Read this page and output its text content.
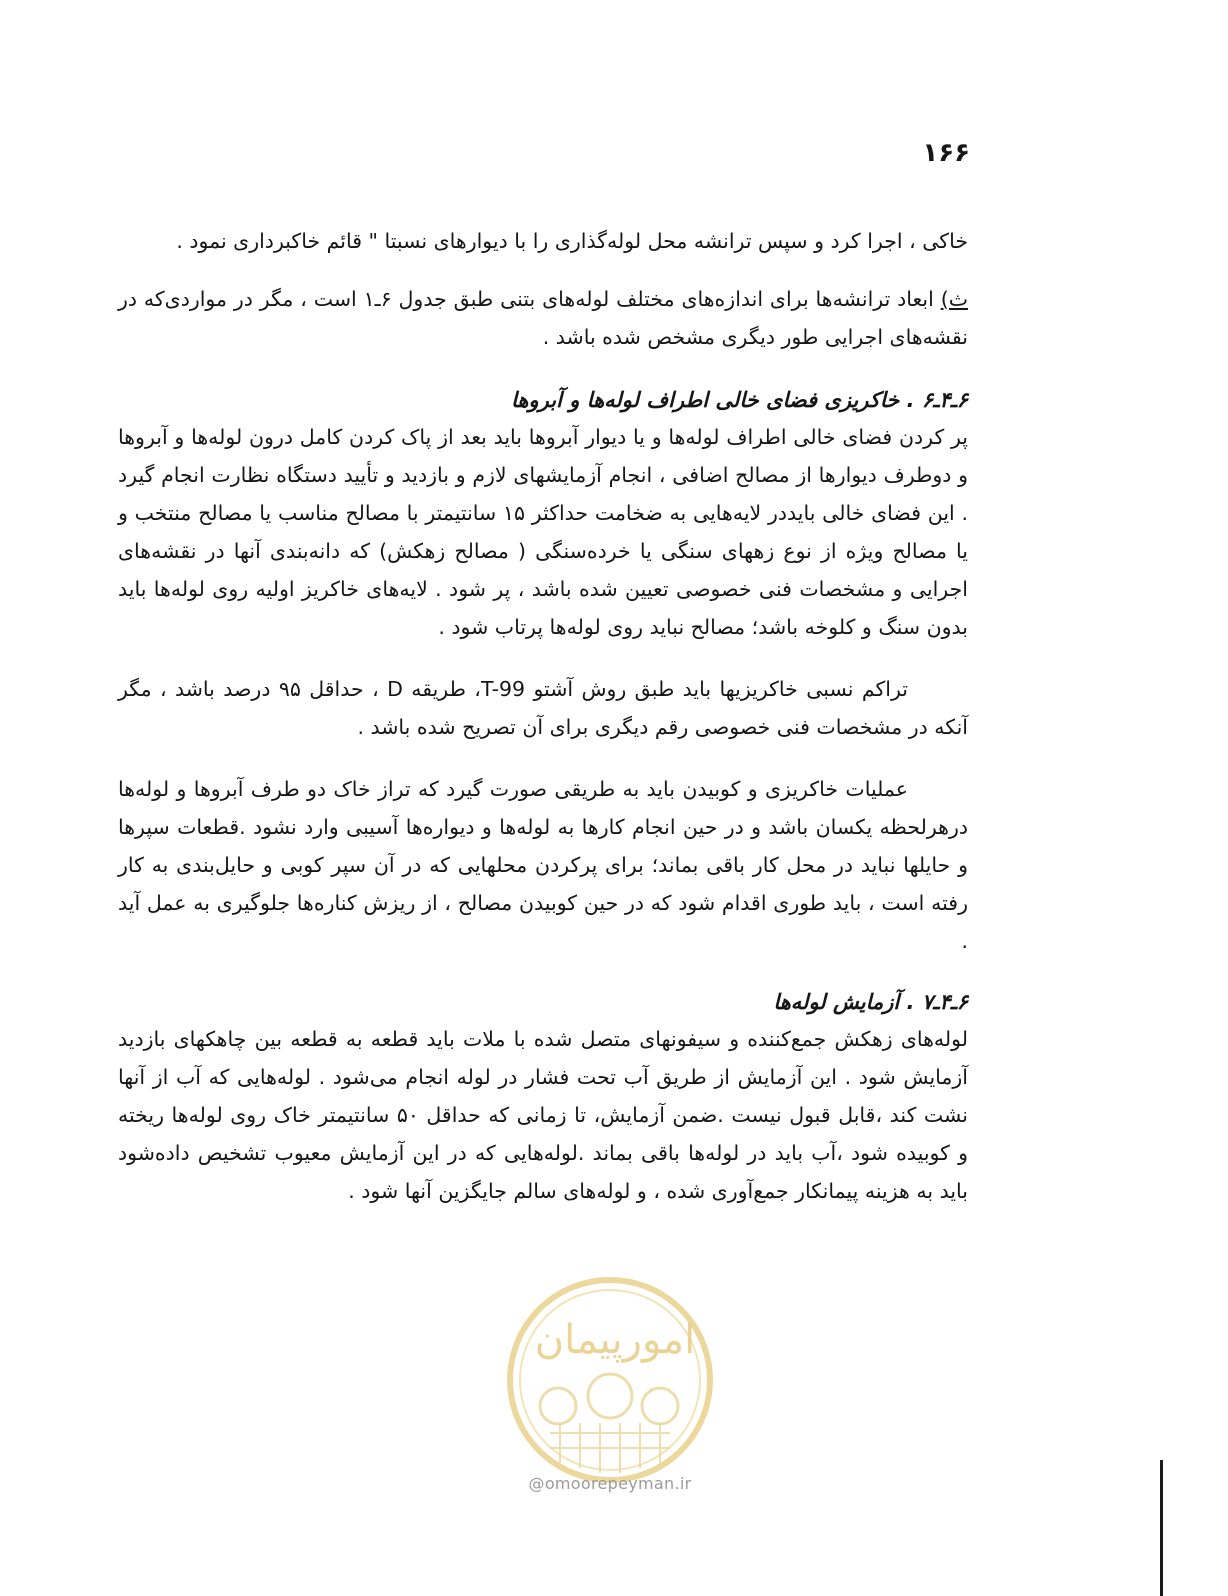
۱۶۶

خاکی ، اجرا کرد و سپس ترانشه محل لوله‌گذاری را با دیوارهای نسبتا " قائم خاکبرداری نمود .

ث) ابعاد ترانشه‌ها برای اندازه‌های مختلف لوله‌های بتنی طبق جدول ۶ـ۱ است ، مگر در مواردی‌که در نقشه‌های اجرایی طور دیگری مشخص شده باشد .

۶ـ۴ـ۶ . خاکریزی فضای خالی اطراف لوله‌ها و آبروها

پر کردن فضای خالی اطراف لوله‌ها و یا دیوار آبروها باید بعد از پاک کردن کامل درون لوله‌ها و آبروها و دوطرف دیوارها از مصالح اضافی ، انجام آزمایشهای لازم و بازدید و تأیید دستگاه نظارت انجام گیرد . این فضای خالی بایددر لایه‌هایی به ضخامت حداکثر ۱۵ سانتیمتر با مصالح مناسب یا مصالح منتخب و یا مصالح ویژه از نوع زهها‌ی سنگی یا خرده‌سنگی ( مصالح زهکش) که دانه‌بندی آنها در نقشه‌های اجرایی و مشخصات فنی خصوصی تعیین شده باشد ، پر شود . لایه‌های خاکریز اولیه روی لوله‌ها باید بدون سنگ و کلوخه باشد؛ مصالح نباید روی لوله‌ها پرتاب شود .

تراکم نسبی خاکریزیها باید طبق روش آشتو T-99، طریقه D ، حداقل ۹۵ درصد باشد ، مگر آنکه در مشخصات فنی خصوصی رقم دیگری برای آن تصریح شده باشد .

عملیات خاکریزی و کوبیدن باید به طریقی صورت گیرد که تراز خاک دو طرف آبروها و لوله‌ها درهرلحظه یکسان باشد و در حین انجام کارها به لوله‌ها و دیواره‌ها آسیبی وارد نشود .قطعات سپرها و حایلها نباید در محل کار باقی بماند؛ برای پرکردن محلهایی که در آن سپر کوبی و حایل‌بندی به کار رفته است ، باید طوری اقدام شود که در حین کوبیدن مصالح ، از ریزش کناره‌ها جلوگیری به عمل آید .

۶ـ۴ـ۷ . آزمایش لوله‌ها

لوله‌های زهکش جمع‌کننده و سیفونهای متصل شده با ملات باید قطعه به قطعه بین چاهکهای بازدید آزمایش شود . این آزمایش از طریق آب تحت فشار در لوله انجام می‌شود . لوله‌هایی که آب از آنها نشت کند ،قابل قبول نیست .ضمن آزمایش، تا زمانی که حداقل ۵۰ سانتیمتر خاک روی لوله‌ها ریخته و کوبیده شود ،آب باید در لوله‌ها باقی بماند .لوله‌هایی که در این آزمایش معیوب تشخیص داده‌شود باید به هزینه پیمانکار جمع‌آوری شده ، و لوله‌های سالم جایگزین آنها شود .

امورپیمان
@omoorepeyman.ir
